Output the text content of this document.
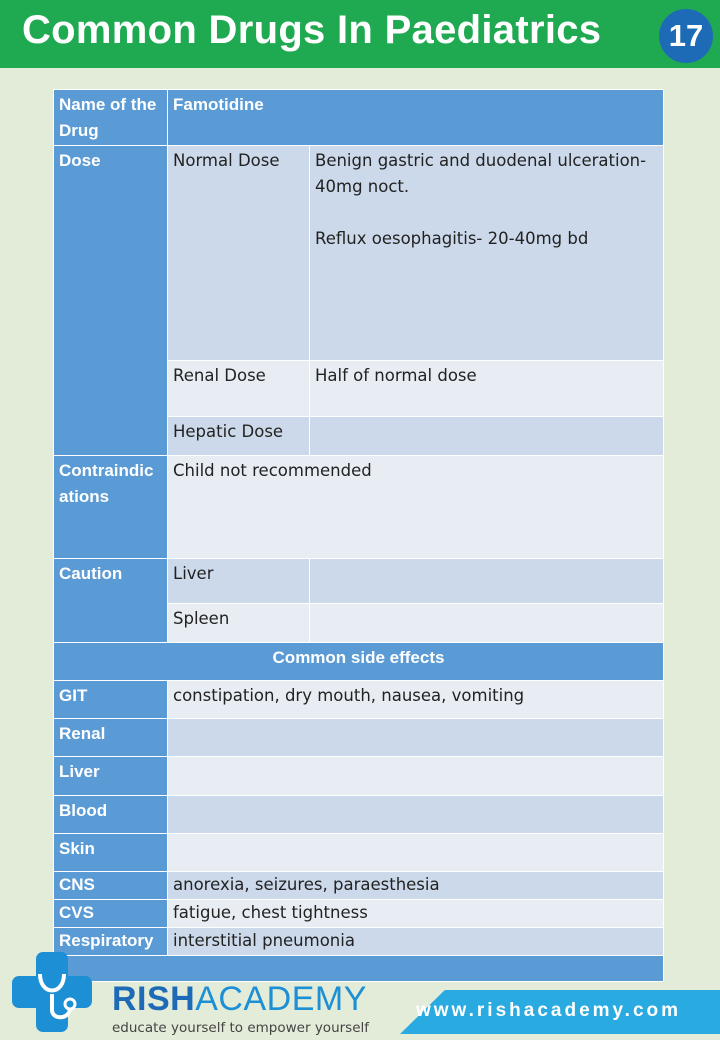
Common Drugs In Paediatrics	17
Name of the Drug	Famotidine	
Dose	Normal Dose	Benign gastric and duodenal ulceration- 40mg noct.

Reflux oesophagitis- 20-40mg bd

	Renal Dose	Half of normal dose
	Hepatic Dose	
Contraindications	Child not recommended	
Caution	Liver	
	Spleen	
Common side effects		
GIT	constipation, dry mouth, nausea, vomiting	
Renal		
Liver		
Blood		
Skin		
CNS	anorexia, seizures, paraesthesia	
CVS	fatigue, chest tightness	
Respiratory	interstitial pneumonia	

RISHACADEMY
educate yourself to empower yourself
www.rishacademy.com
